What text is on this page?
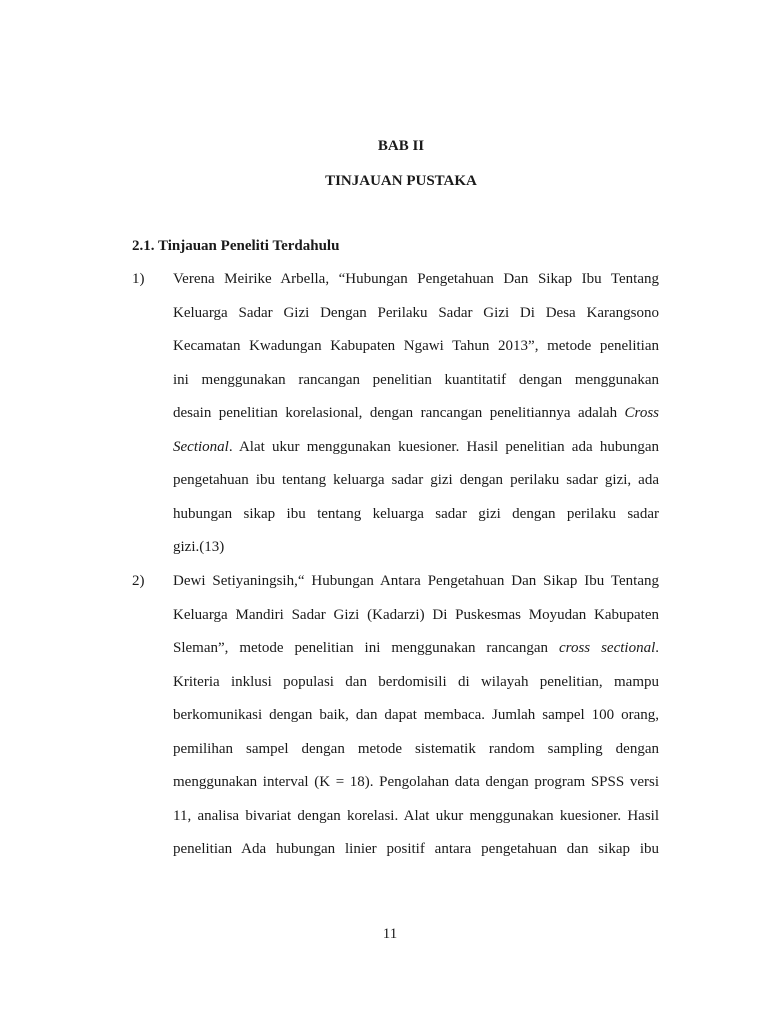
BAB II
TINJAUAN PUSTAKA
2.1. Tinjauan Peneliti Terdahulu
1) Verena Meirike Arbella, “Hubungan Pengetahuan Dan Sikap Ibu Tentang
Keluarga Sadar Gizi Dengan Perilaku Sadar Gizi Di Desa Karangsono
Kecamatan Kwadungan Kabupaten Ngawi Tahun 2013”, metode penelitian
ini menggunakan rancangan penelitian kuantitatif dengan menggunakan
desain penelitian korelasional, dengan rancangan penelitiannya adalah Cross
Sectional. Alat ukur menggunakan kuesioner. Hasil penelitian ada hubungan
pengetahuan ibu tentang keluarga sadar gizi dengan perilaku sadar gizi, ada
hubungan sikap ibu tentang keluarga sadar gizi dengan perilaku sadar
gizi.(13)
2) Dewi Setiyaningsih,“ Hubungan Antara Pengetahuan Dan Sikap Ibu Tentang
Keluarga Mandiri Sadar Gizi (Kadarzi) Di Puskesmas Moyudan Kabupaten
Sleman”, metode penelitian ini menggunakan rancangan cross sectional.
Kriteria inklusi populasi dan berdomisili di wilayah penelitian, mampu
berkomunikasi dengan baik, dan dapat membaca. Jumlah sampel 100 orang,
pemilihan sampel dengan metode sistematik random sampling dengan
menggunakan interval (K = 18). Pengolahan data dengan program SPSS versi
11, analisa bivariat dengan korelasi. Alat ukur menggunakan kuesioner. Hasil
penelitian Ada hubungan linier positif antara pengetahuan dan sikap ibu
11
